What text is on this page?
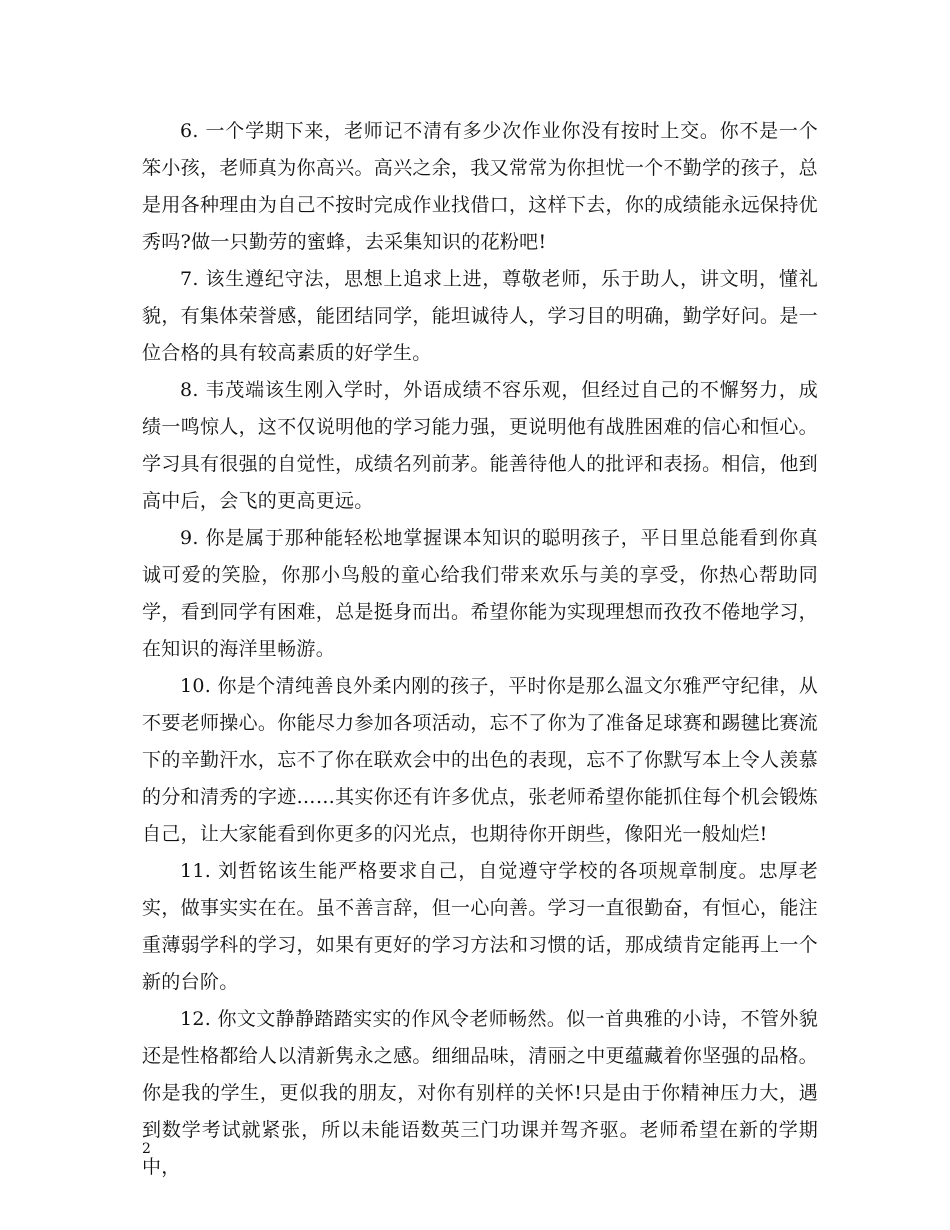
6. 一个学期下来，老师记不清有多少次作业你没有按时上交。你不是一个笨小孩，老师真为你高兴。高兴之余，我又常常为你担忧一个不勤学的孩子，总是用各种理由为自己不按时完成作业找借口，这样下去，你的成绩能永远保持优秀吗?做一只勤劳的蜜蜂，去采集知识的花粉吧!

7. 该生遵纪守法，思想上追求上进，尊敬老师，乐于助人，讲文明，懂礼貌，有集体荣誉感，能团结同学，能坦诚待人，学习目的明确，勤学好问。是一位合格的具有较高素质的好学生。

8. 韦茂端该生刚入学时，外语成绩不容乐观，但经过自己的不懈努力，成绩一鸣惊人，这不仅说明他的学习能力强，更说明他有战胜困难的信心和恒心。学习具有很强的自觉性，成绩名列前茅。能善待他人的批评和表扬。相信，他到高中后，会飞的更高更远。

9. 你是属于那种能轻松地掌握课本知识的聪明孩子，平日里总能看到你真诚可爱的笑脸，你那小鸟般的童心给我们带来欢乐与美的享受，你热心帮助同学，看到同学有困难，总是挺身而出。希望你能为实现理想而孜孜不倦地学习，在知识的海洋里畅游。

10. 你是个清纯善良外柔内刚的孩子，平时你是那么温文尔雅严守纪律，从不要老师操心。你能尽力参加各项活动，忘不了你为了准备足球赛和踢毽比赛流下的辛勤汗水，忘不了你在联欢会中的出色的表现，忘不了你默写本上令人羡慕的分和清秀的字迹……其实你还有许多优点，张老师希望你能抓住每个机会锻炼自己，让大家能看到你更多的闪光点，也期待你开朗些，像阳光一般灿烂!

11. 刘哲铭该生能严格要求自己，自觉遵守学校的各项规章制度。忠厚老实，做事实实在在。虽不善言辞，但一心向善。学习一直很勤奋，有恒心，能注重薄弱学科的学习，如果有更好的学习方法和习惯的话，那成绩肯定能再上一个新的台阶。

12. 你文文静静踏踏实实的作风令老师畅然。似一首典雅的小诗，不管外貌还是性格都给人以清新隽永之感。细细品味，清丽之中更蕴藏着你坚强的品格。你是我的学生，更似我的朋友，对你有别样的关怀!只是由于你精神压力大，遇到数学考试就紧张，所以未能语数英三门功课并驾齐驱。老师希望在新的学期中，

2
